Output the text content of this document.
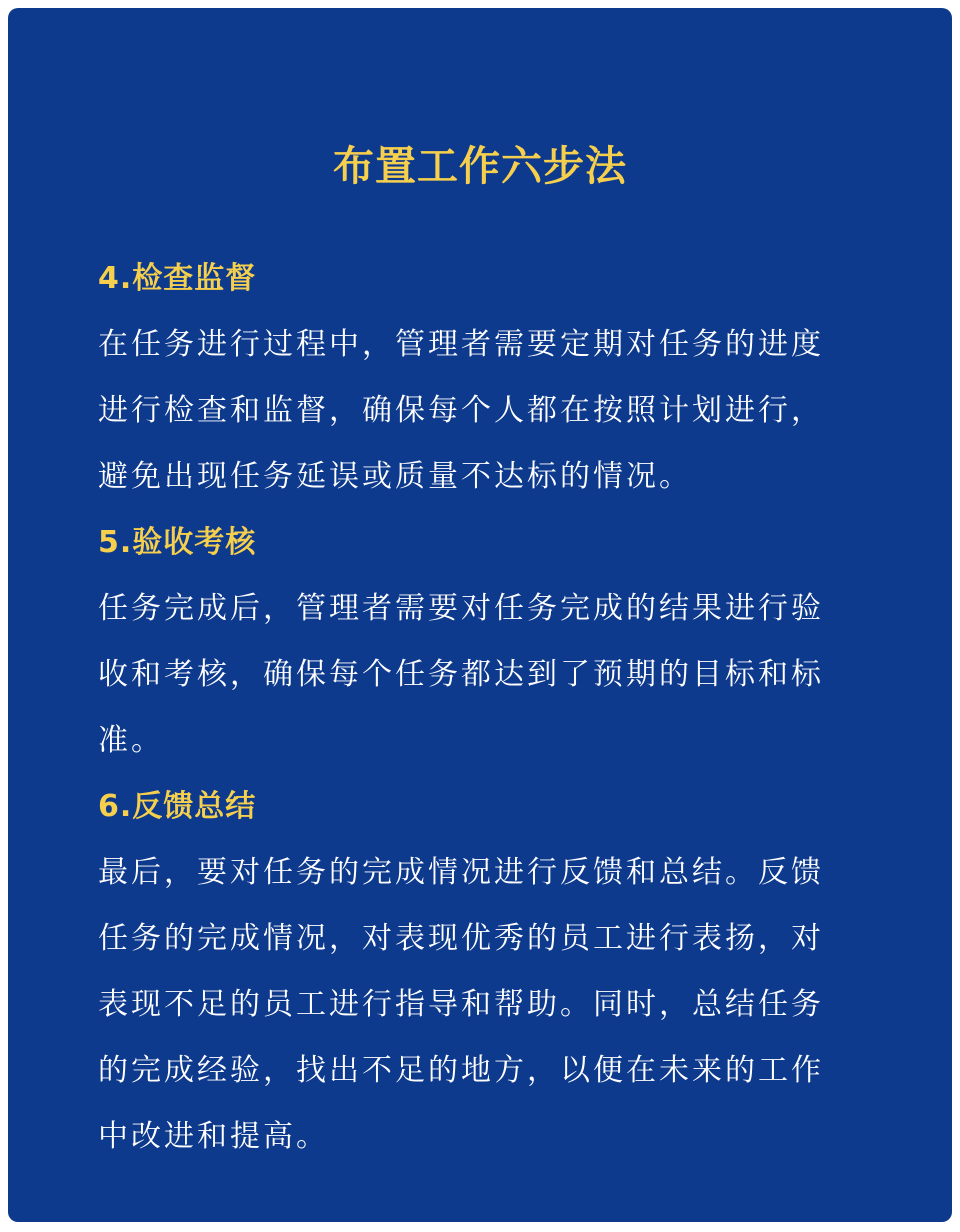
布置工作六步法

4.检查监督

在任务进行过程中，管理者需要定期对任务的进度

进行检查和监督，确保每个人都在按照计划进行，

避免出现任务延误或质量不达标的情况。

5.验收考核

任务完成后，管理者需要对任务完成的结果进行验

收和考核，确保每个任务都达到了预期的目标和标

准。

6.反馈总结

最后，要对任务的完成情况进行反馈和总结。反馈

任务的完成情况，对表现优秀的员工进行表扬，对

表现不足的员工进行指导和帮助。同时，总结任务

的完成经验，找出不足的地方，以便在未来的工作

中改进和提高。
